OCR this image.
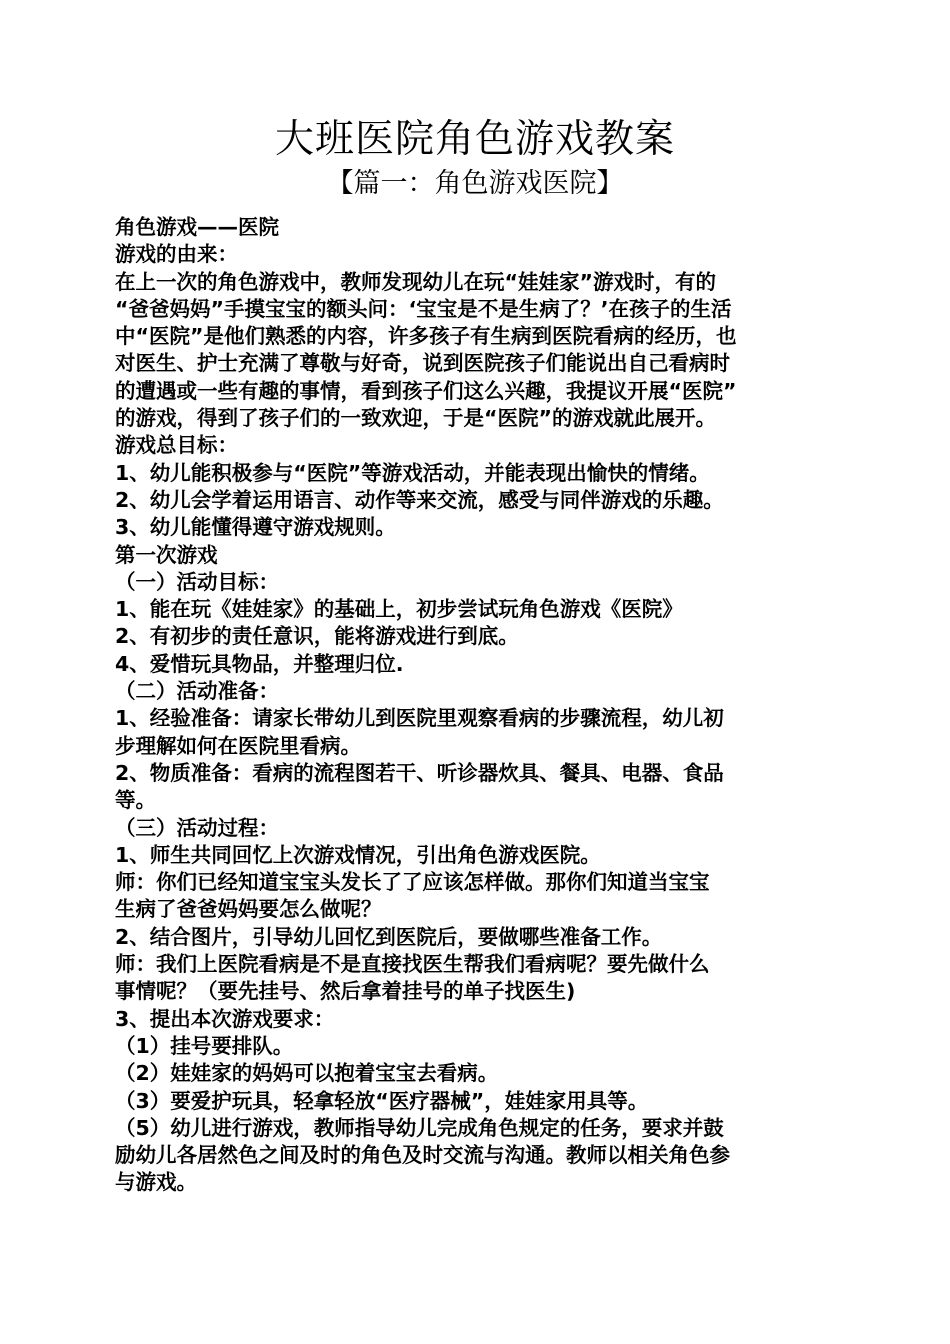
大班医院角色游戏教案
【篇一：角色游戏医院】
角色游戏——医院
游戏的由来：
在上一次的角色游戏中，教师发现幼儿在玩“娃娃家”游戏时，有的
“爸爸妈妈”手摸宝宝的额头问：‘宝宝是不是生病了？’在孩子的生活
中“医院”是他们熟悉的内容，许多孩子有生病到医院看病的经历，也
对医生、护士充满了尊敬与好奇，说到医院孩子们能说出自己看病时
的遭遇或一些有趣的事情，看到孩子们这么兴趣，我提议开展“医院”
的游戏，得到了孩子们的一致欢迎，于是“医院”的游戏就此展开。
游戏总目标：
1、幼儿能积极参与“医院”等游戏活动，并能表现出愉快的情绪。
2、幼儿会学着运用语言、动作等来交流，感受与同伴游戏的乐趣。
3、幼儿能懂得遵守游戏规则。
第一次游戏
（一）活动目标：
1、能在玩《娃娃家》的基础上，初步尝试玩角色游戏《医院》
2、有初步的责任意识，能将游戏进行到底。
4、爱惜玩具物品，并整理归位.
（二）活动准备：
1、经验准备：请家长带幼儿到医院里观察看病的步骤流程，幼儿初
步理解如何在医院里看病。
2、物质准备：看病的流程图若干、听诊器炊具、餐具、电器、食品
等。
（三）活动过程：
1、师生共同回忆上次游戏情况，引出角色游戏医院。
师：你们已经知道宝宝头发长了了应该怎样做。那你们知道当宝宝
生病了爸爸妈妈要怎么做呢？
2、结合图片，引导幼儿回忆到医院后，要做哪些准备工作。
师：我们上医院看病是不是直接找医生帮我们看病呢？要先做什么
事情呢？（要先挂号、然后拿着挂号的单子找医生)
3、提出本次游戏要求：
（1）挂号要排队。
（2）娃娃家的妈妈可以抱着宝宝去看病。
（3）要爱护玩具，轻拿轻放“医疗器械”，娃娃家用具等。
（5）幼儿进行游戏，教师指导幼儿完成角色规定的任务，要求并鼓
励幼儿各居然色之间及时的角色及时交流与沟通。教师以相关角色参
与游戏。
